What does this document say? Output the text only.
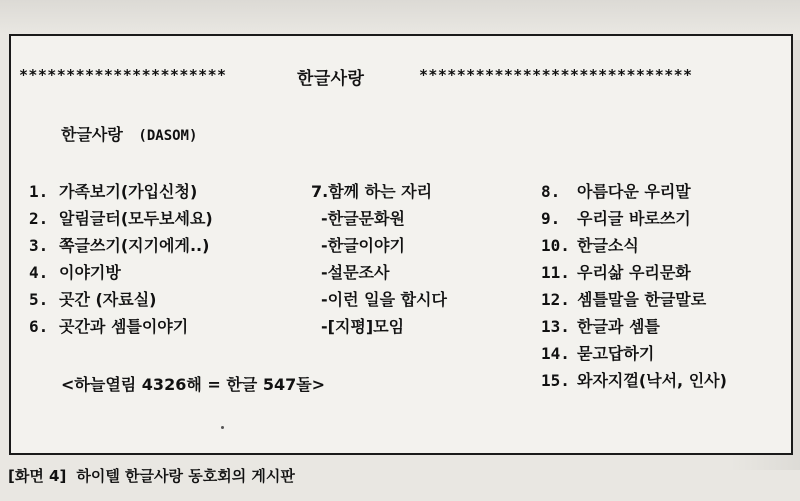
**********************	한글사랑	*****************************
한글사랑 (DASOM)
1. 가족보기(가입신청)
2. 알림글터(모두보세요)
3. 쪽글쓰기(지기에게..)
4. 이야기방
5. 곳간 (자료실)
6. 곳간과 셈틀이야기
7.함께 하는 자리
-한글문화원
-한글이야기
-설문조사
-이런 일을 합시다
-[지평]모임
8. 아름다운 우리말
9. 우리글 바로쓰기
10. 한글소식
11. 우리삶 우리문화
12. 셈틀말을 한글말로
13. 한글과 셈틀
14. 묻고답하기
15. 와자지껄(낙서, 인사)
<하늘열림 4326해 = 한글 547돌>
[화면 4] 하이텔 한글사랑 동호회의 게시판
